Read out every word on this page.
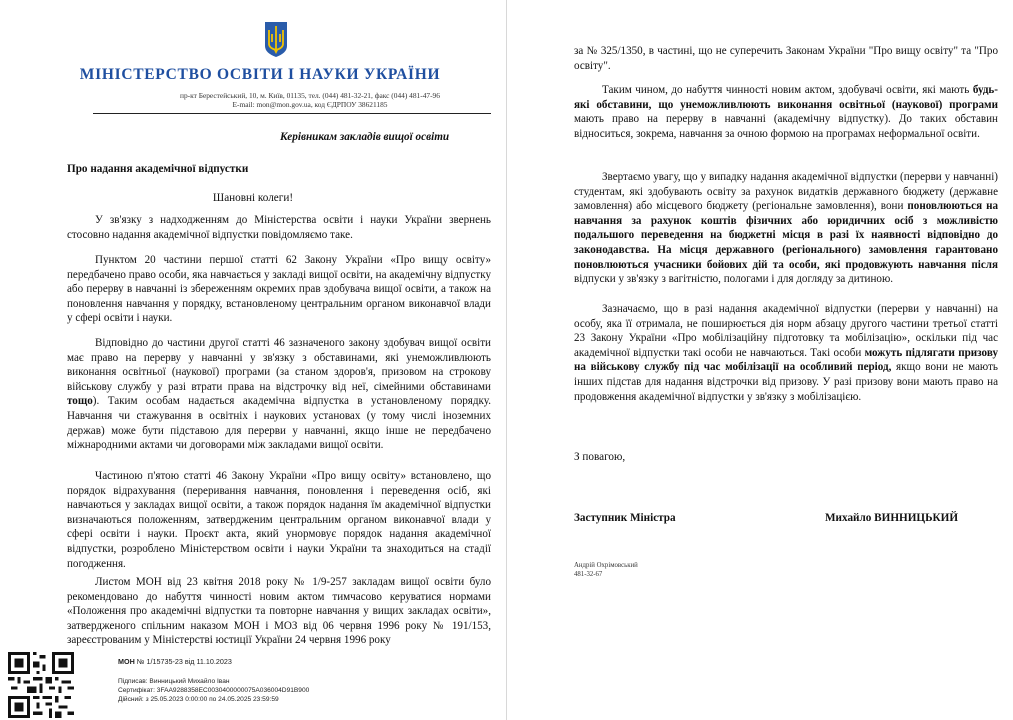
МІНІСТЕРСТВО ОСВІТИ І НАУКИ УКРАЇНИ
пр-кт Берестейський, 10, м. Київ, 01135, тел. (044) 481-32-21, факс (044) 481-47-96
E-mail: mon@mon.gov.ua, код ЄДРПОУ 38621185
Керівникам закладів вищої освіти
Про надання академічної відпустки
Шановні колеги!

У зв'язку з надходженням до Міністерства освіти і науки України звернень стосовно надання академічної відпустки повідомляємо таке.

Пунктом 20 частини першої статті 62 Закону України «Про вищу освіту» передбачено право особи, яка навчається у закладі вищої освіти, на академічну відпустку або перерву в навчанні із збереженням окремих прав здобувача вищої освіти, а також на поновлення навчання у порядку, встановленому центральним органом виконавчої влади у сфері освіти і науки.

Відповідно до частини другої статті 46 зазначеного закону здобувач вищої освіти має право на перерву у навчанні у зв'язку з обставинами, які унеможливлюють виконання освітньої (наукової) програми (за станом здоров'я, призовом на строкову військову службу у разі втрати права на відстрочку від неї, сімейними обставинами тощо). Таким особам надається академічна відпустка в установленому порядку. Навчання чи стажування в освітніх і наукових установах (у тому числі іноземних держав) може бути підставою для перерви у навчанні, якщо інше не передбачено міжнародними актами чи договорами між закладами вищої освіти.

Частиною п'ятою статті 46 Закону України «Про вищу освіту» встановлено, що порядок відрахування (переривання навчання, поновлення і переведення осіб, які навчаються у закладах вищої освіти, а також порядок надання їм академічної відпустки визначаються положенням, затвердженим центральним органом виконавчої влади у сфері освіти і науки. Проєкт акта, який унормовує порядок надання академічної відпустки, розроблено Міністерством освіти і науки України та знаходиться на стадії погодження.

Листом МОН від 23 квітня 2018 року № 1/9-257 закладам вищої освіти було рекомендовано до набуття чинності новим актом тимчасово керуватися нормами «Положення про академічні відпустки та повторне навчання у вищих закладах освіти», затвердженого спільним наказом МОН і МОЗ від 06 червня 1996 року № 191/153, зареєстрованим у Міністерстві юстиції України 24 червня 1996 року

МОН № 1/15735-23 від 11.10.2023
Підписав: Винницький Михайло Іван
Сертифікат: 3FAA9288358EC0030400000075A036004D91B900
Дійсний: з 25.05.2023 0:00:00 по 24.05.2025 23:59:59

за № 325/1350, в частині, що не суперечить Законам України "Про вищу освіту" та "Про освіту".

Таким чином, до набуття чинності новим актом, здобувачі освіти, які мають будь-які обставини, що унеможливлюють виконання освітньої (наукової) програми мають право на перерву в навчанні (академічну відпустку). До таких обставин відноситься, зокрема, навчання за очною формою на програмах неформальної освіти.

Звертаємо увагу, що у випадку надання академічної відпустки (перерви у навчанні) студентам, які здобувають освіту за рахунок видатків державного бюджету (державне замовлення) або місцевого бюджету (регіональне замовлення), вони поновлюються на навчання за рахунок коштів фізичних або юридичних осіб з можливістю подальшого переведення на бюджетні місця в разі їх наявності відповідно до законодавства. На місця державного (регіонального) замовлення гарантовано поновлюються учасники бойових дій та особи, які продовжують навчання після відпуски у зв'язку з вагітністю, пологами і для догляду за дитиною.

Зазначаємо, що в разі надання академічної відпустки (перерви у навчанні) на особу, яка її отримала, не поширюється дія норм абзацу другого частини третьої статті 23 Закону України «Про мобілізаційну підготовку та мобілізацію», оскільки під час академічної відпустки такі особи не навчаються. Такі особи можуть підлягати призову на військову службу під час мобілізації на особливий період, якщо вони не мають інших підстав для надання відстрочки від призову. У разі призову вони мають право на продовження академічної відпустки у зв'язку з мобілізацією.

З повагою,
Заступник Міністра	Михайло ВИННИЦЬКИЙ
Андрій Охрімовський
481-32-67
